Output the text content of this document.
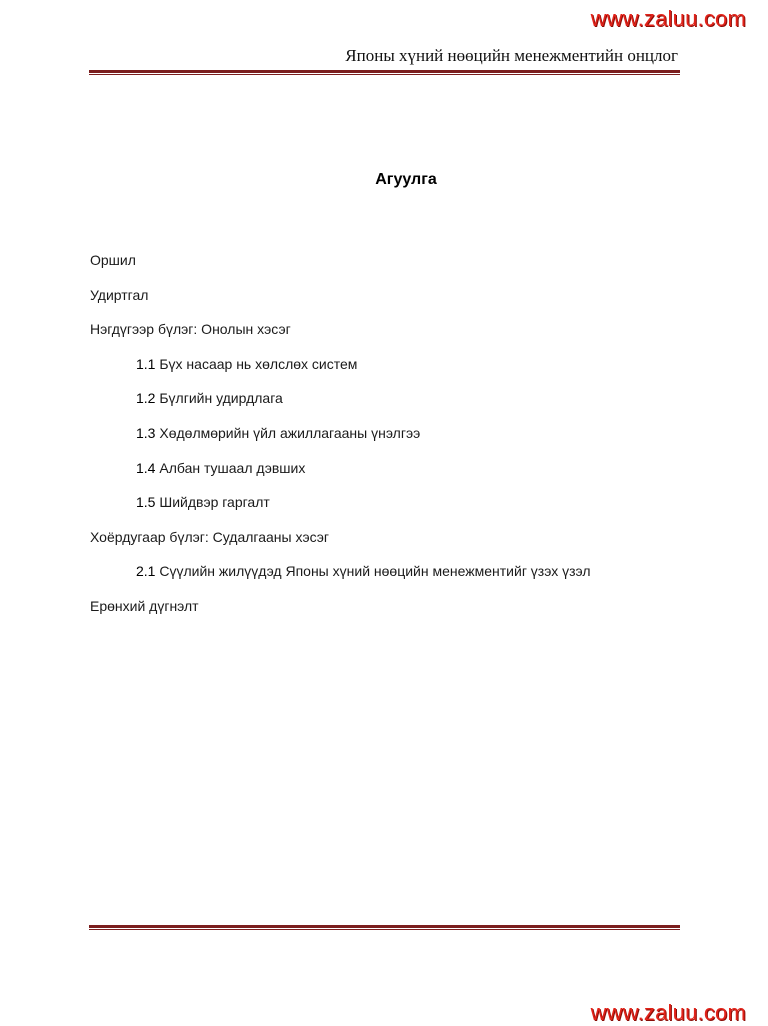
www.zaluu.com
Японы хүний нөөцийн менежментийн онцлог
Агуулга
Оршил
Удиртгал
Нэгдүгээр бүлэг: Онолын хэсэг
1.1 Бүх насаар нь хөлслөх систем
1.2 Бүлгийн удирдлага
1.3 Хөдөлмөрийн үйл ажиллагааны үнэлгээ
1.4 Албан тушаал дэвших
1.5 Шийдвэр гаргалт
Хоёрдугаар бүлэг: Судалгааны хэсэг
2.1 Сүүлийн жилүүдэд Японы хүний нөөцийн менежментийг үзэх үзэл
Ерөнхий дүгнэлт
www.zaluu.com
